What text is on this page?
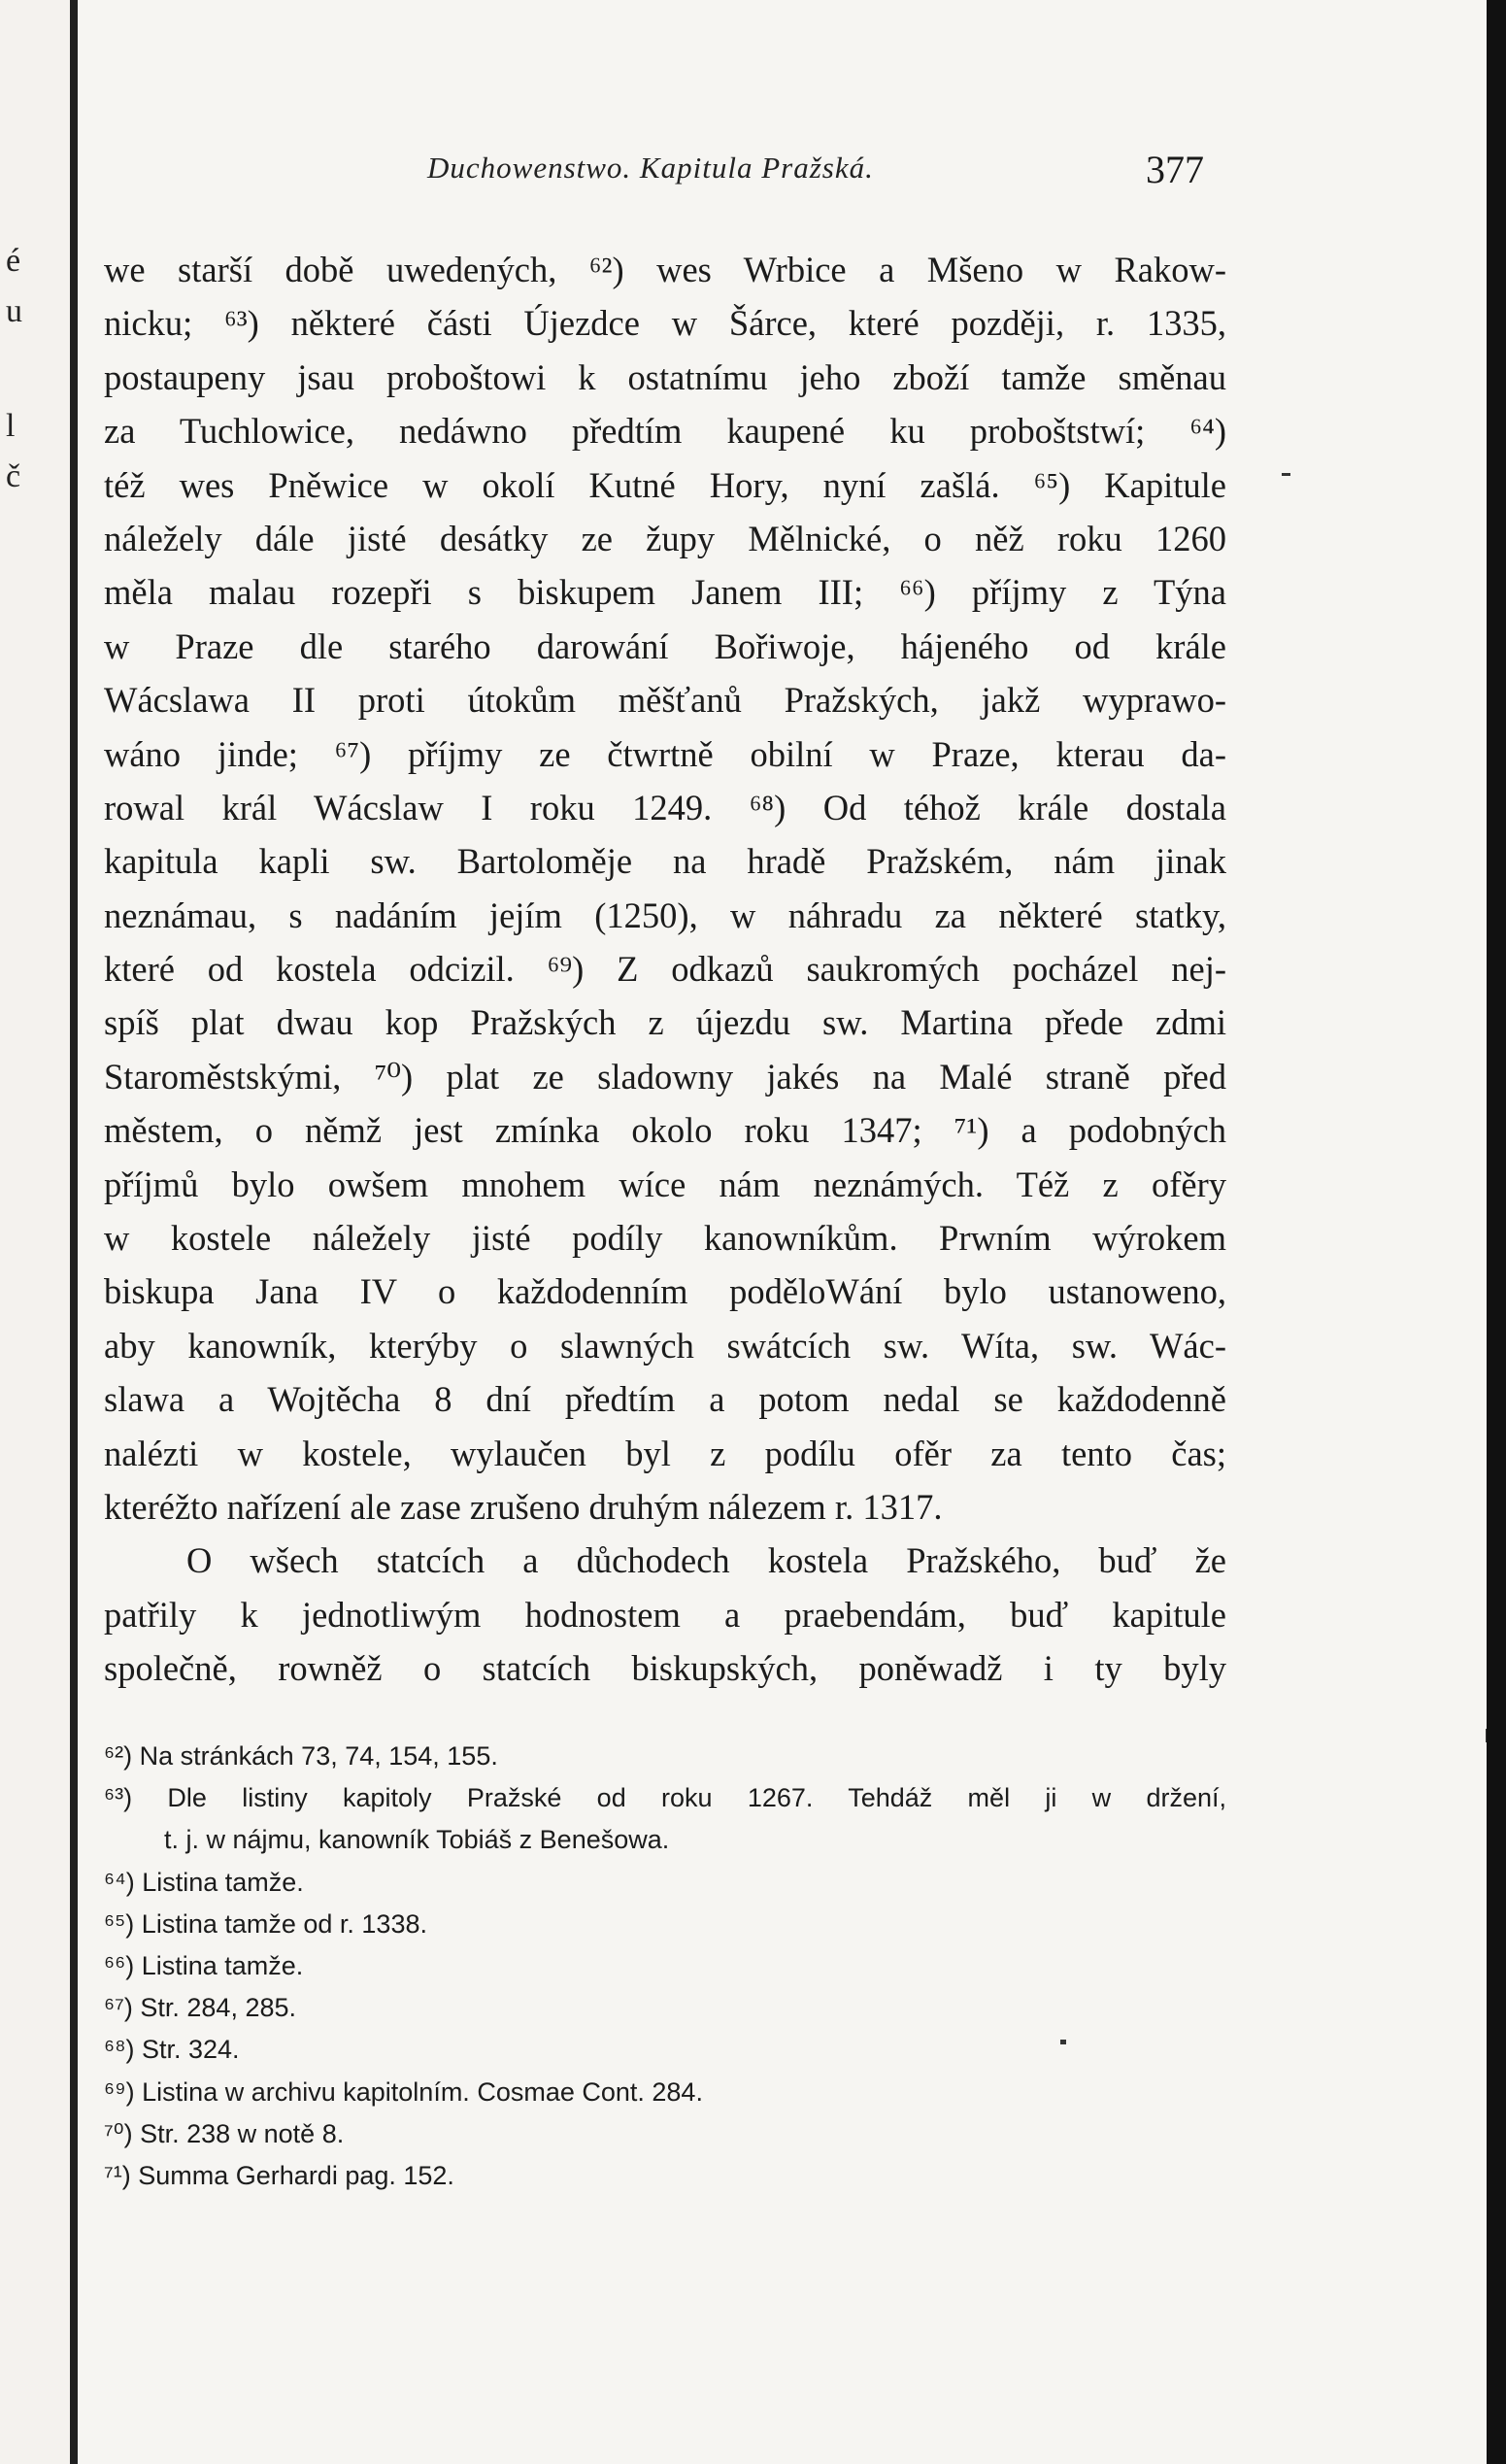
é
u
l
č
Duchowenstwo. Kapitula Pražská.	377
we starší době uwedených, ⁶²) wes Wrbice a Mšeno w Rakow-
nicku; ⁶³) některé části Újezdce w Šárce, které později, r. 1335,
postaupeny jsau proboštowi k ostatnímu jeho zboží tamže směnau
za Tuchlowice, nedáwno předtím kaupené ku proboštstwí; ⁶⁴)
též wes Pněwice w okolí Kutné Hory, nyní zašlá. ⁶⁵) Kapitule
náležely dále jisté desátky ze župy Mělnické, o něž roku 1260
měla malau rozepři s biskupem Janem III; ⁶⁶) příjmy z Týna
w Praze dle starého darowání Bořiwoje, hájeného od krále
Wácslawa II proti útokům měšťanů Pražských, jakž wyprawo-
wáno jinde; ⁶⁷) příjmy ze čtwrtně obilní w Praze, kterau da-
rowal král Wácslaw I roku 1249. ⁶⁸) Od téhož krále dostala
kapitula kapli sw. Bartoloměje na hradě Pražském, nám jinak
neznámau, s nadáním jejím (1250), w náhradu za některé statky,
které od kostela odcizil. ⁶⁹) Z odkazů saukromých pocházel nej-
spíš plat dwau kop Pražských z újezdu sw. Martina přede zdmi
Staroměstskými, ⁷⁰) plat ze sladowny jakés na Malé straně před
městem, o němž jest zmínka okolo roku 1347; ⁷¹) a podobných
příjmů bylo owšem mnohem wíce nám neznámých. Též z ofěry
w kostele náležely jisté podíly kanowníkům. Prwním wýrokem
biskupa Jana IV o každodenním poděloWání bylo ustanoweno,
aby kanowník, kterýby o slawných swátcích sw. Wíta, sw. Wác-
slawa a Wojtěcha 8 dní předtím a potom nedal se každodenně
nalézti w kostele, wylaučen byl z podílu ofěr za tento čas;
kteréžto nařízení ale zase zrušeno druhým nálezem r. 1317.
O wšech statcích a důchodech kostela Pražského, buď že
patřily k jednotliwým hodnostem a praebendám, buď kapitule
společně, rowněž o statcích biskupských, poněwadž i ty byly
⁶²) Na stránkách 73, 74, 154, 155.
⁶³) Dle listiny kapitoly Pražské od roku 1267. Tehdáž měl ji w držení,
t. j. w nájmu, kanowník Tobiáš z Benešowa.
⁶⁴) Listina tamže.
⁶⁵) Listina tamže od r. 1338.
⁶⁶) Listina tamže.
⁶⁷) Str. 284, 285.
⁶⁸) Str. 324.
⁶⁹) Listina w archivu kapitolním. Cosmae Cont. 284.
⁷⁰) Str. 238 w notě 8.
⁷¹) Summa Gerhardi pag. 152.
